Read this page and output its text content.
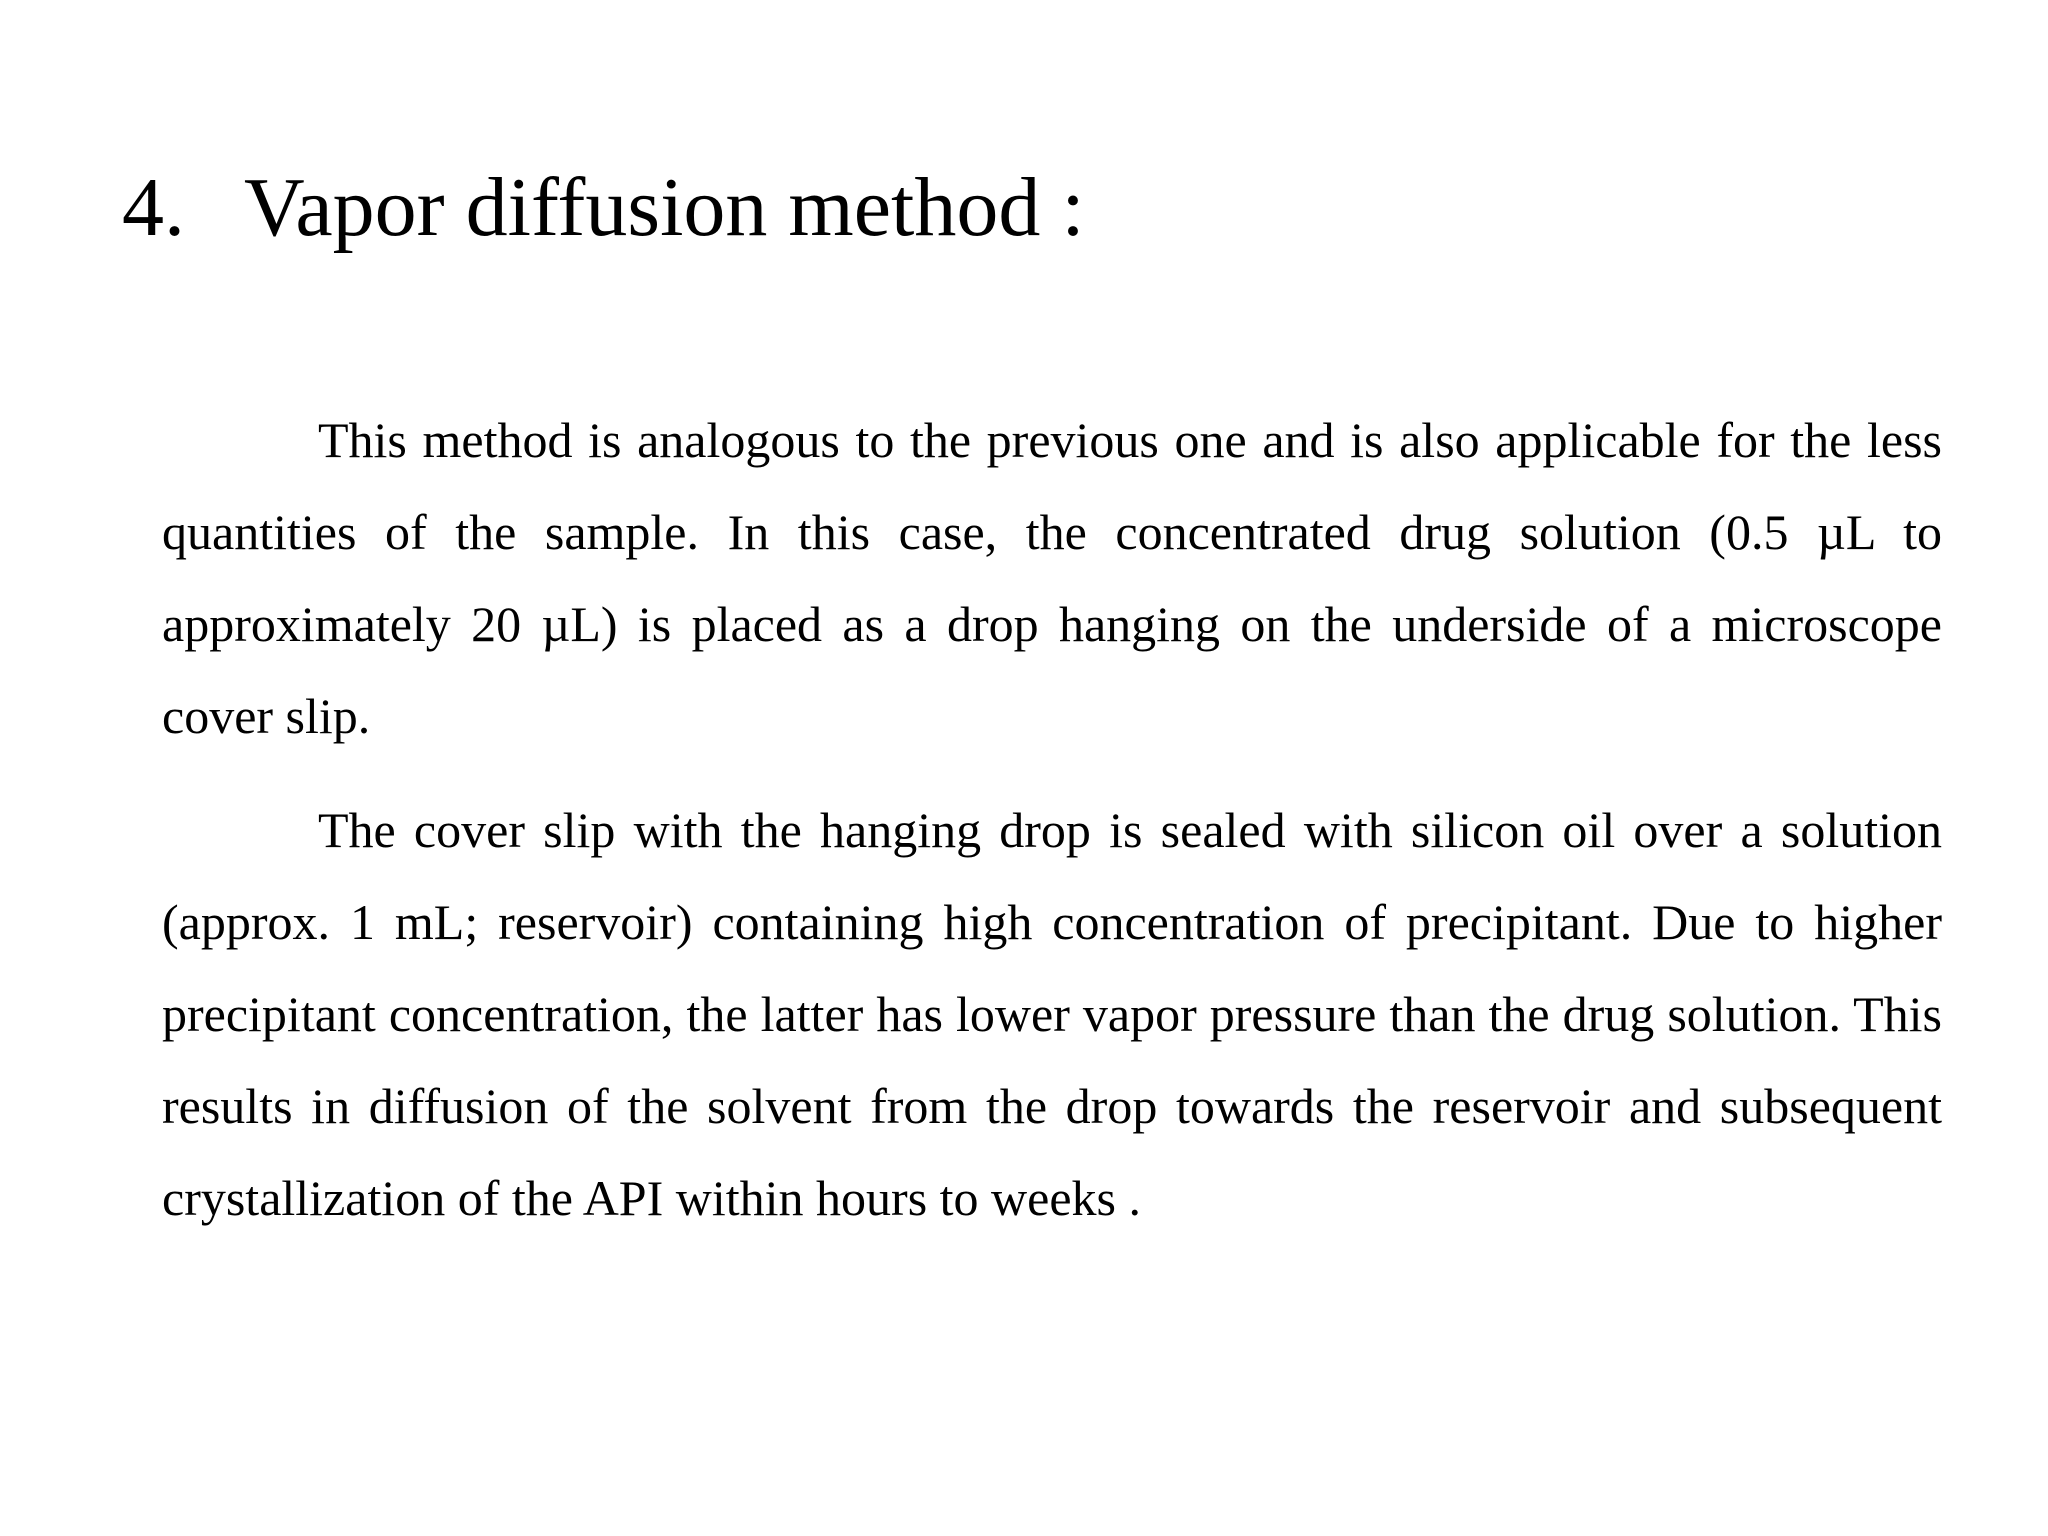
4. Vapor diffusion method :

This method is analogous to the previous one and is also applicable for the less quantities of the sample. In this case, the concentrated drug solution (0.5 µL to approximately 20 µL) is placed as a drop hanging on the underside of a microscope cover slip.

The cover slip with the hanging drop is sealed with silicon oil over a solution (approx. 1 mL; reservoir) containing high concentration of precipitant. Due to higher precipitant concentration, the latter has lower vapor pressure than the drug solution. This results in diffusion of the solvent from the drop towards the reservoir and subsequent crystallization of the API within hours to weeks .
